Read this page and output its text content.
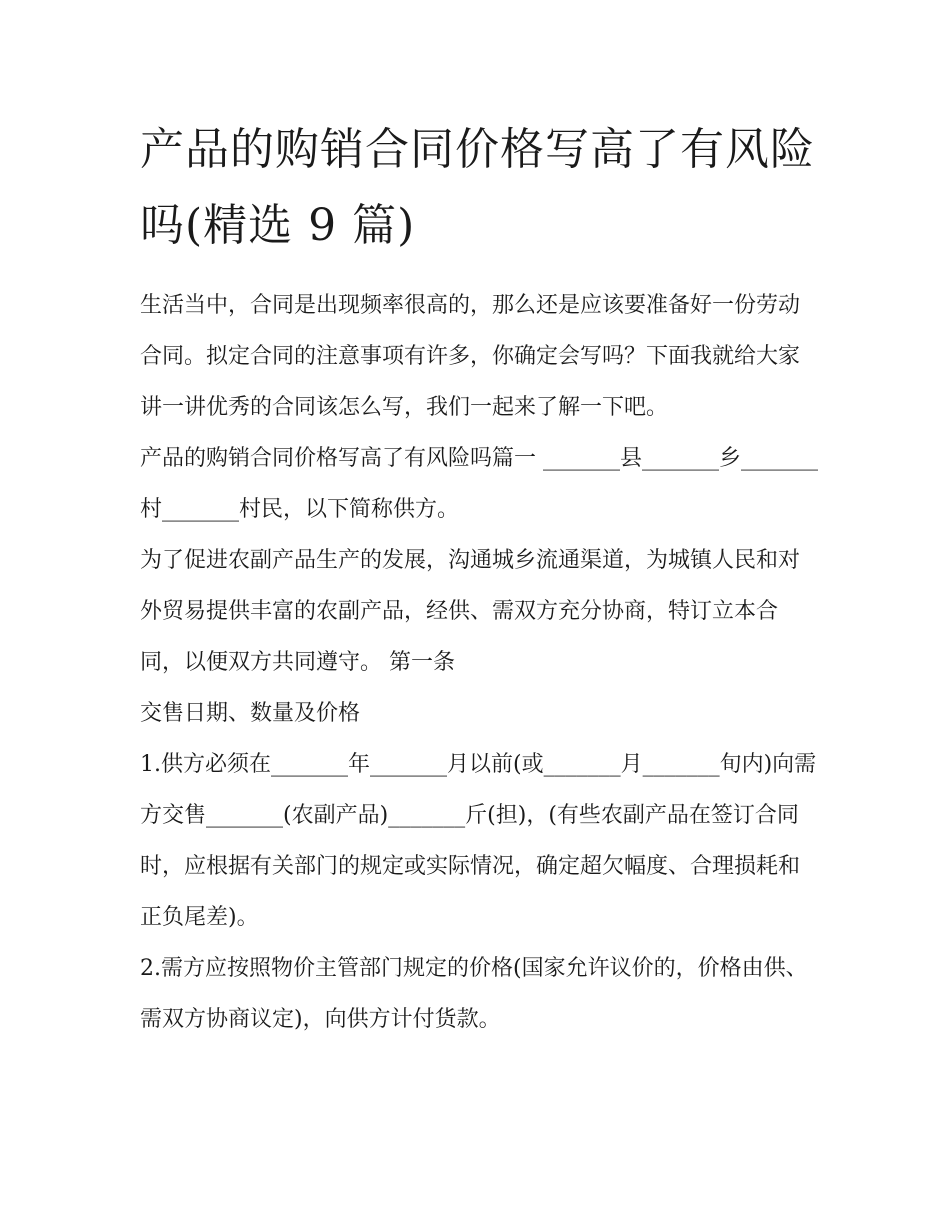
产品的购销合同价格写高了有风险吗(精选 9 篇)

生活当中，合同是出现频率很高的，那么还是应该要准备好一份劳动合同。拟定合同的注意事项有许多，你确定会写吗？下面我就给大家讲一讲优秀的合同该怎么写，我们一起来了解一下吧。

产品的购销合同价格写高了有风险吗篇一 _______县_______乡_______村_______村民，以下简称供方。

为了促进农副产品生产的发展，沟通城乡流通渠道，为城镇人民和对外贸易提供丰富的农副产品，经供、需双方充分协商，特订立本合同，以便双方共同遵守。 第一条

交售日期、数量及价格

1.供方必须在_______年_______月以前(或_______月_______旬内)向需方交售_______(农副产品)_______斤(担)，(有些农副产品在签订合同时，应根据有关部门的规定或实际情况，确定超欠幅度、合理损耗和正负尾差)。

2.需方应按照物价主管部门规定的价格(国家允许议价的，价格由供、需双方协商议定)，向供方计付货款。
